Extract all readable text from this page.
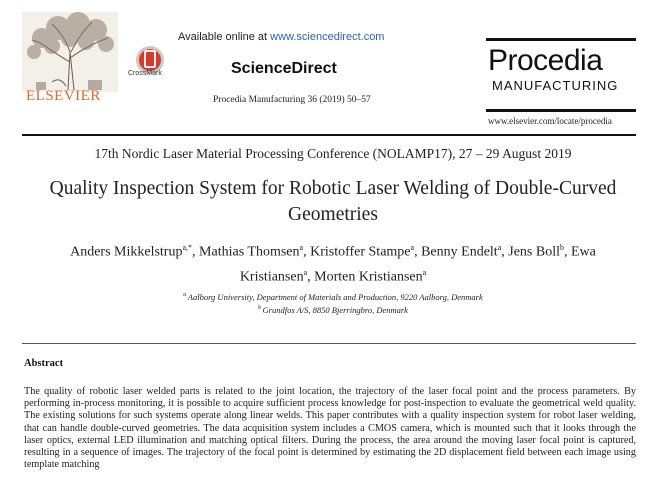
ELSEVIER
CrossMark
Available online at www.sciencedirect.com
ScienceDirect
Procedia Manufacturing 36 (2019) 50–57
Procedia
MANUFACTURING
www.elsevier.com/locate/procedia
17th Nordic Laser Material Processing Conference (NOLAMP17), 27 – 29 August 2019
Quality Inspection System for Robotic Laser Welding of Double-Curved Geometries
Anders Mikkelstrup$^{a,*}$, Mathias Thomsen$^a$, Kristoffer Stampe$^a$, Benny Endelt$^a$, Jens Boll$^b$, Ewa Kristiansen$^a$, Morten Kristiansen$^a$
$^a$ Aalborg University, Department of Materials and Production, 9220 Aalborg, Denmark
$^b$ Grundfos A/S, 8850 Bjerringbro, Denmark
Abstract
The quality of robotic laser welded parts is related to the joint location, the trajectory of the laser focal point and the process parameters. By performing in-process monitoring, it is possible to acquire sufficient process knowledge for post-inspection to evaluate the geometrical weld quality. The existing solutions for such systems operate along linear welds. This paper contributes with a quality inspection system for robot laser welding, that can handle double-curved geometries. The data acquisition system includes a CMOS camera, which is mounted such that it looks through the laser optics, external LED illumination and matching optical filters. During the process, the area around the moving laser focal point is captured, resulting in a sequence of images. The trajectory of the focal point is determined by estimating the 2D displacement field between each image using template matching
